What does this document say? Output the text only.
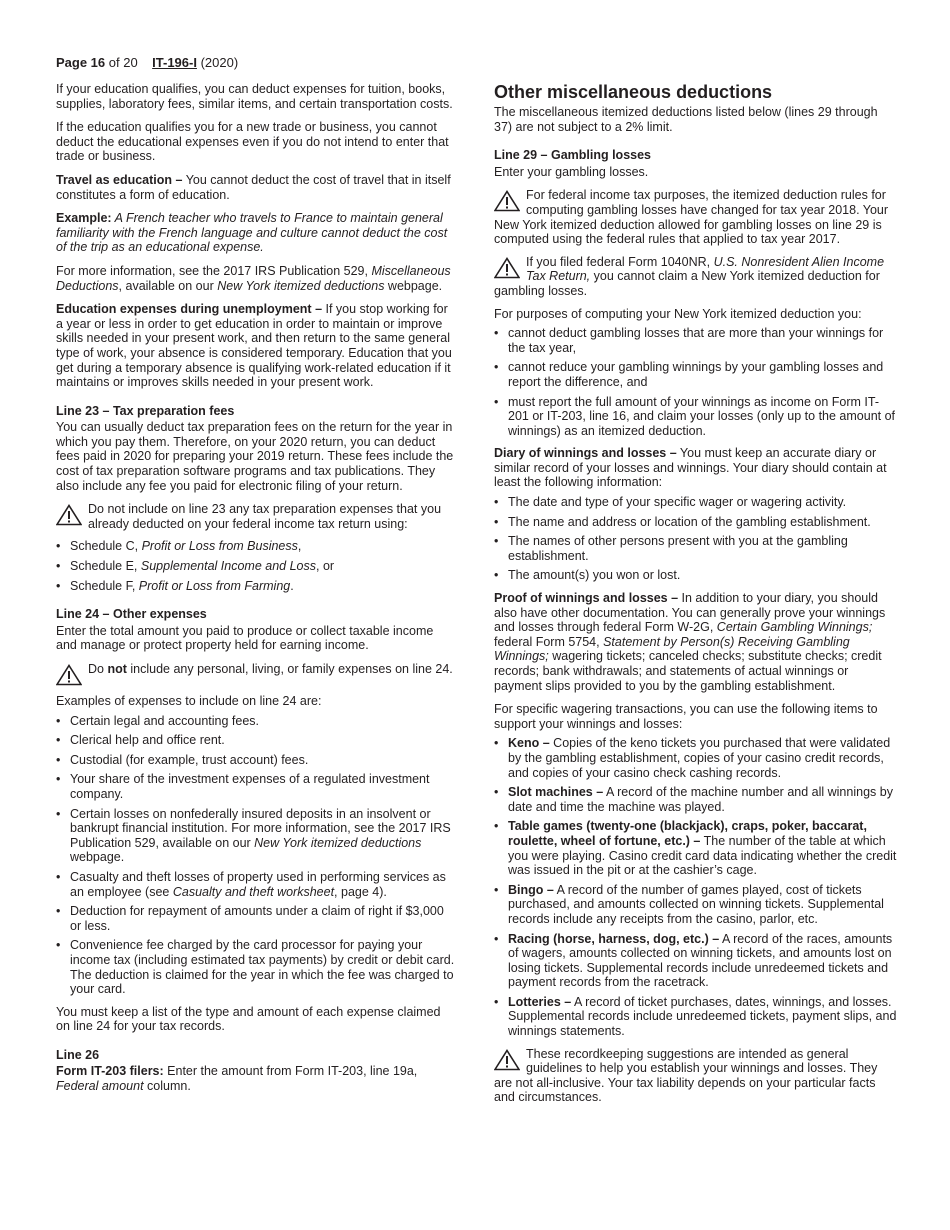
Page 16 of 20 IT-196-I (2020)

If your education qualifies, you can deduct expenses for tuition, books, supplies, laboratory fees, similar items, and certain transportation costs.

If the education qualifies you for a new trade or business, you cannot deduct the educational expenses even if you do not intend to enter that trade or business.

Travel as education – You cannot deduct the cost of travel that in itself constitutes a form of education.

Example: A French teacher who travels to France to maintain general familiarity with the French language and culture cannot deduct the cost of the trip as an educational expense.

For more information, see the 2017 IRS Publication 529, Miscellaneous Deductions, available on our New York itemized deductions webpage.

Education expenses during unemployment – If you stop working for a year or less in order to get education in order to maintain or improve skills needed in your present work, and then return to the same general type of work, your absence is considered temporary. Education that you get during a temporary absence is qualifying work-related education if it maintains or improves skills needed in your present work.

Line 23 – Tax preparation fees

You can usually deduct tax preparation fees on the return for the year in which you pay them. Therefore, on your 2020 return, you can deduct fees paid in 2020 for preparing your 2019 return. These fees include the cost of tax preparation software programs and tax publications. They also include any fee you paid for electronic filing of your return.

Do not include on line 23 any tax preparation expenses that you already deducted on your federal income tax return using:
• Schedule C, Profit or Loss from Business,
• Schedule E, Supplemental Income and Loss, or
• Schedule F, Profit or Loss from Farming.
Line 24 – Other expenses

Enter the total amount you paid to produce or collect taxable income and manage or protect property held for earning income.

Do not include any personal, living, or family expenses on line 24.

Examples of expenses to include on line 24 are:

• Certain legal and accounting fees.
• Clerical help and office rent.
• Custodial (for example, trust account) fees.
• Your share of the investment expenses of a regulated investment company.
• Certain losses on nonfederally insured deposits in an insolvent or bankrupt financial institution. For more information, see the 2017 IRS Publication 529, available on our New York itemized deductions webpage.
• Casualty and theft losses of property used in performing services as an employee (see Casualty and theft worksheet, page 4).
• Deduction for repayment of amounts under a claim of right if $3,000 or less.
• Convenience fee charged by the card processor for paying your income tax (including estimated tax payments) by credit or debit card. The deduction is claimed for the year in which the fee was charged to your card.

You must keep a list of the type and amount of each expense claimed on line 24 for your tax records.

Line 26

Form IT-203 filers: Enter the amount from Form IT-203, line 19a, Federal amount column.

Other miscellaneous deductions

The miscellaneous itemized deductions listed below (lines 29 through 37) are not subject to a 2% limit.

Line 29 – Gambling losses

Enter your gambling losses.

For federal income tax purposes, the itemized deduction rules for computing gambling losses have changed for tax year 2018. Your New York itemized deduction allowed for gambling losses on line 29 is computed using the federal rules that applied to tax year 2017.
If you filed federal Form 1040NR, U.S. Nonresident Alien Income Tax Return, you cannot claim a New York itemized deduction for gambling losses.

For purposes of computing your New York itemized deduction you:

• cannot deduct gambling losses that are more than your winnings for the tax year,
• cannot reduce your gambling winnings by your gambling losses and report the difference, and
• must report the full amount of your winnings as income on Form IT-201 or IT-203, line 16, and claim your losses (only up to the amount of winnings) as an itemized deduction.

Diary of winnings and losses – You must keep an accurate diary or similar record of your losses and winnings. Your diary should contain at least the following information:

• The date and type of your specific wager or wagering activity.
• The name and address or location of the gambling establishment.
• The names of other persons present with you at the gambling establishment.
• The amount(s) you won or lost.

Proof of winnings and losses – In addition to your diary, you should also have other documentation. You can generally prove your winnings and losses through federal Form W-2G, Certain Gambling Winnings; federal Form 5754, Statement by Person(s) Receiving Gambling Winnings; wagering tickets; canceled checks; substitute checks; credit records; bank withdrawals; and statements of actual winnings or payment slips provided to you by the gambling establishment.

For specific wagering transactions, you can use the following items to support your winnings and losses:

• Keno – Copies of the keno tickets you purchased that were validated by the gambling establishment, copies of your casino credit records, and copies of your casino check cashing records.
• Slot machines – A record of the machine number and all winnings by date and time the machine was played.
• Table games (twenty-one (blackjack), craps, poker, baccarat, roulette, wheel of fortune, etc.) – The number of the table at which you were playing. Casino credit card data indicating whether the credit was issued in the pit or at the cashier’s cage.
• Bingo – A record of the number of games played, cost of tickets purchased, and amounts collected on winning tickets. Supplemental records include any receipts from the casino, parlor, etc.
• Racing (horse, harness, dog, etc.) – A record of the races, amounts of wagers, amounts collected on winning tickets, and amounts lost on losing tickets. Supplemental records include unredeemed tickets and payment records from the racetrack.
• Lotteries – A record of ticket purchases, dates, winnings, and losses. Supplemental records include unredeemed tickets, payment slips, and winnings statements.
These recordkeeping suggestions are intended as general guidelines to help you establish your winnings and losses. They are not all-inclusive. Your tax liability depends on your particular facts and circumstances.
